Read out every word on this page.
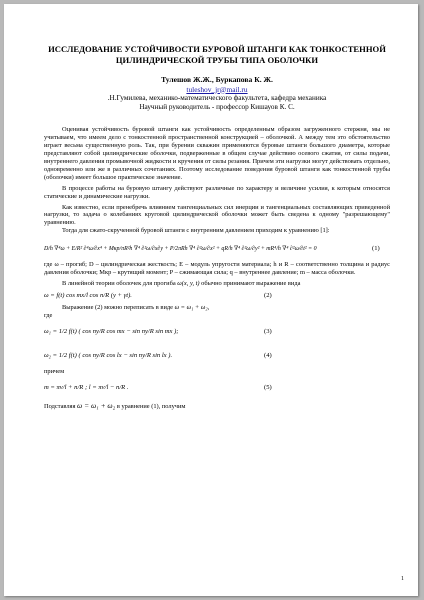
ИССЛЕДОВАНИЕ УСТОЙЧИВОСТИ БУРОВОЙ ШТАНГИ КАК ТОНКОСТЕННОЙ ЦИЛИНДРИЧЕСКОЙ ТРУБЫ ТИПА ОБОЛОЧКИ

Тулешов Ж.Ж., Буркапова К. Ж.
tuleshov_jr@mail.ru
.Н.Гумилева, механико-математического факультета, кафедра механика
Научный руководитель - профессор Кишауов К. С.

Оценивая устойчивость буровой штанги как устойчивость определенным образом загруженного стержня, мы не учитываем, что имеем дело с тонкостенной пространственной конструкцией – оболочкой. А между тем это обстоятельство играет весьма существенную роль. Так, при бурении скважин применяются буровые штанги большого диаметра, которые представляют собой цилиндрические оболочки, подверженные в общем случае действию осевого сжатия, от силы подачи, внутреннего давления промывочной жидкости и кручения от силы резания. Причем эти нагрузки могут действовать отдельно, одновременно или же в различных сочетаниях. Поэтому исследование поведения буровой штанги как тонкостенной трубы (оболочки) имеет большое практическое значение.

В процессе работы на буровую штангу действуют различные по характеру и величине усилия, к которым относятся статические и динамические нагрузки.

Как известно, если пренебречь влиянием тангенциальных сил инерции и тангенциальных составляющих приведенной нагрузки, то задача о колебаниях круговой цилиндрической оболочки может быть сведена к одному "разрешающему" уравнению.

Тогда для сжато-скрученной буровой штанги с внутренним давлением приходим к уравнению [1]:

D/h ∇⁴ω + E/R² ∂⁴ω/∂x⁴ + Mкр/πR²h ∇⁴ ∂²ω/∂x∂y + P/2πRh ∇⁴ ∂²ω/∂x² + qR/h ∇⁴ ∂²ω/∂y² + mR⁴/h ∇⁴ ∂²ω/∂t² = 0	(1)

где ω – прогиб; D – цилиндрическая жесткость; E – модуль упругости материала; h и R – соответственно толщина и радиус давления оболочки; Mкр – крутящий момент; P – сжимающая сила; q – внутреннее давление; m – масса оболочки.

В линейной теории оболочек для прогиба ω(x, y, t) обычно принимают выражение вида

ω = f(t) cos mx/l cos n/R (y + γt).	(2)

Выражение (2) можно переписать в виде ω = ω₁ + ω₂,

где

ω₁ = 1/2 f(t) ( cos ny/R cos mx − sin ny/R sin mx );	(3)
ω₂ = 1/2 f(t) ( cos ny/R cos lx − sin ny/R sin lx ).	(4)

причем

m = πν/l + n/R ; l = πν/l − n/R .	(5)

Подставляя ω = ω₁ + ω₂ в уравнение (1), получим

1
